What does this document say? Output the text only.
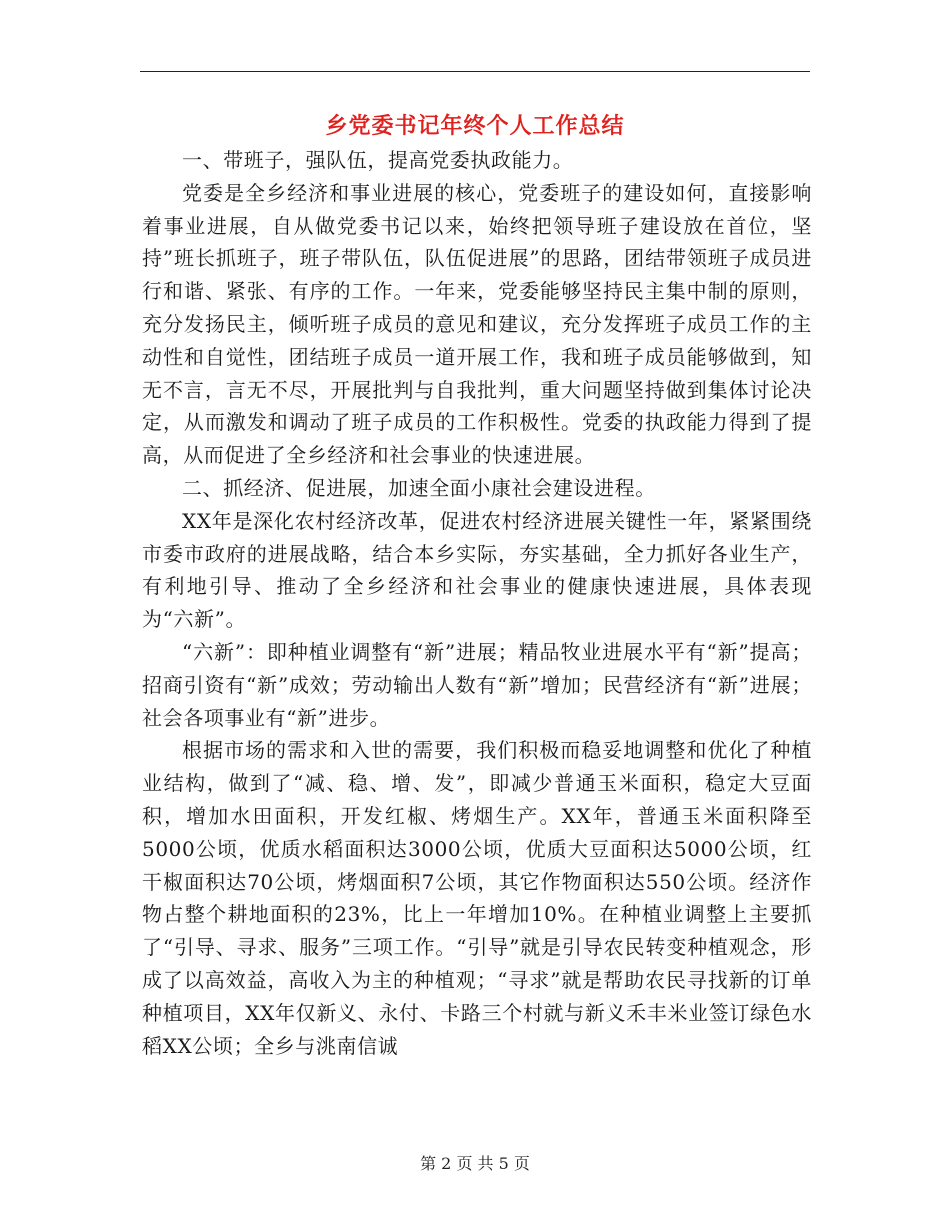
乡党委书记年终个人工作总结

一、带班子，强队伍，提高党委执政能力。

党委是全乡经济和事业进展的核心，党委班子的建设如何，直接影响着事业进展，自从做党委书记以来，始终把领导班子建设放在首位，坚持”班长抓班子，班子带队伍，队伍促进展”的思路，团结带领班子成员进行和谐、紧张、有序的工作。一年来，党委能够坚持民主集中制的原则，充分发扬民主，倾听班子成员的意见和建议，充分发挥班子成员工作的主动性和自觉性，团结班子成员一道开展工作，我和班子成员能够做到，知无不言，言无不尽，开展批判与自我批判，重大问题坚持做到集体讨论决定，从而激发和调动了班子成员的工作积极性。党委的执政能力得到了提高，从而促进了全乡经济和社会事业的快速进展。

二、抓经济、促进展，加速全面小康社会建设进程。

XX年是深化农村经济改革，促进农村经济进展关键性一年，紧紧围绕市委市政府的进展战略，结合本乡实际，夯实基础，全力抓好各业生产，有利地引导、推动了全乡经济和社会事业的健康快速进展，具体表现为“六新”。

“六新”：即种植业调整有“新”进展；精品牧业进展水平有“新”提高；招商引资有“新”成效；劳动输出人数有“新”增加；民营经济有“新”进展；社会各项事业有“新”进步。

根据市场的需求和入世的需要，我们积极而稳妥地调整和优化了种植业结构，做到了“减、稳、增、发”，即减少普通玉米面积，稳定大豆面积，增加水田面积，开发红椒、烤烟生产。XX年，普通玉米面积降至5000公顷，优质水稻面积达3000公顷，优质大豆面积达5000公顷，红干椒面积达70公顷，烤烟面积7公顷，其它作物面积达550公顷。经济作物占整个耕地面积的23%，比上一年增加10%。在种植业调整上主要抓了“引导、寻求、服务”三项工作。“引导”就是引导农民转变种植观念，形成了以高效益，高收入为主的种植观；“寻求”就是帮助农民寻找新的订单种植项目，XX年仅新义、永付、卡路三个村就与新义禾丰米业签订绿色水稻XX公顷；全乡与洮南信诚

第 2 页 共 5 页
